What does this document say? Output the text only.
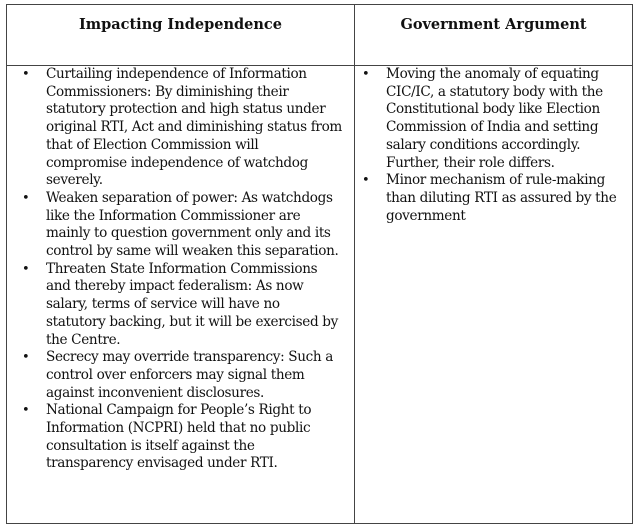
Impacting Independence	Government Argument
• Curtailing independence of Information Commissioners: By diminishing their statutory protection and high status under original RTI, Act and diminishing status from that of Election Commission will compromise independence of watchdog severely.
• Weaken separation of power: As watchdogs like the Information Commissioner are mainly to question government only and its control by same will weaken this separation.
• Threaten State Information Commissions and thereby impact federalism: As now salary, terms of service will have no statutory backing, but it will be exercised by the Centre.
• Secrecy may override transparency: Such a control over enforcers may signal them against inconvenient disclosures.
• National Campaign for People’s Right to Information (NCPRI) held that no public consultation is itself against the transparency envisaged under RTI.
• Moving the anomaly of equating CIC/IC, a statutory body with the Constitutional body like Election Commission of India and setting salary conditions accordingly. Further, their role differs.
• Minor mechanism of rule-making than diluting RTI as assured by the government
